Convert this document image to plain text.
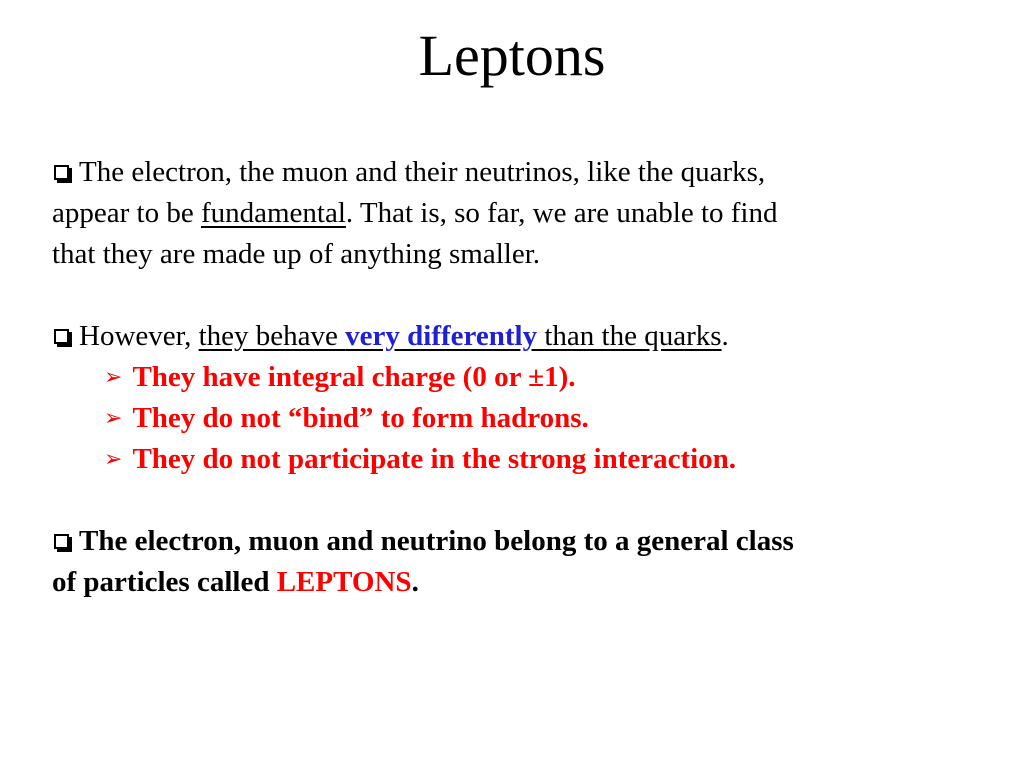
Leptons

The electron, the muon and their neutrinos, like the quarks,
appear to be fundamental. That is, so far, we are unable to find
that they are made up of anything smaller.

However, they behave very differently than the quarks.

➢ They have integral charge (0 or ±1).

➢ They do not “bind” to form hadrons.

➢ They do not participate in the strong interaction.

The electron, muon and neutrino belong to a general class
of particles called LEPTONS.
